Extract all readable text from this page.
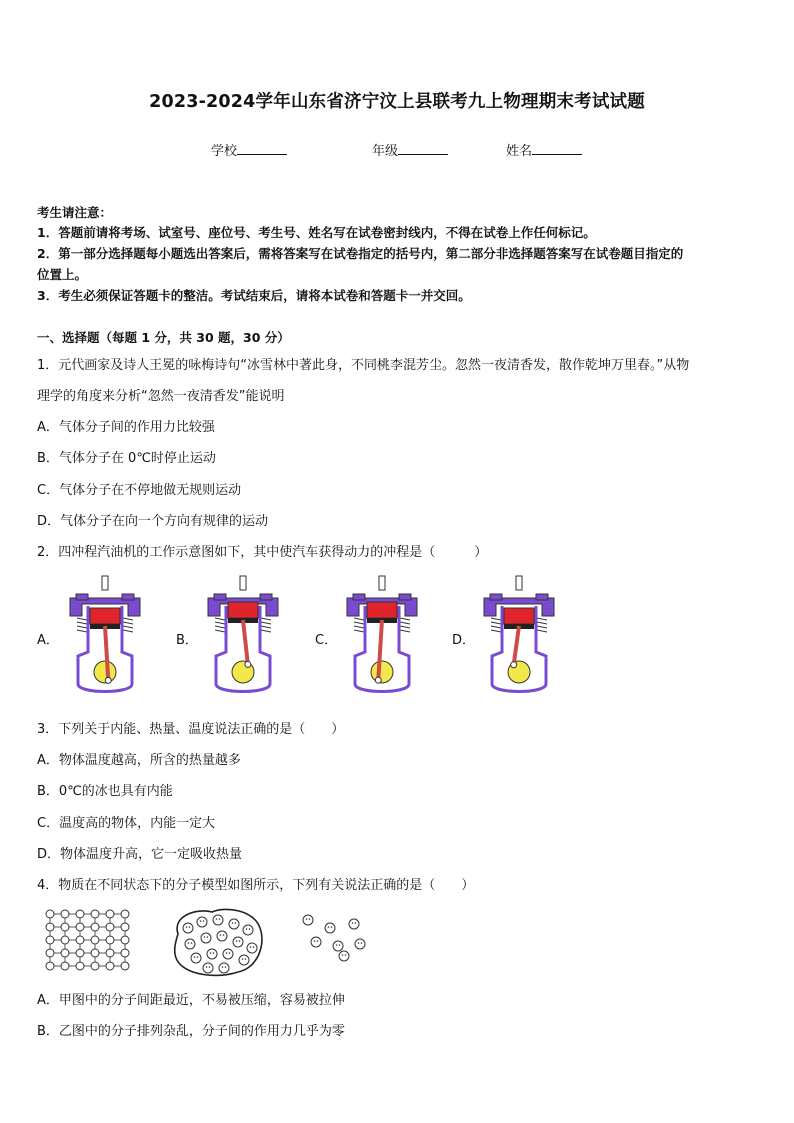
2023-2024学年山东省济宁汶上县联考九上物理期末考试试题
学校	年级	姓名
考生请注意：
1．答题前请将考场、试室号、座位号、考生号、姓名写在试卷密封线内，不得在试卷上作任何标记。
2．第一部分选择题每小题选出答案后，需将答案写在试卷指定的括号内，第二部分非选择题答案写在试卷题目指定的
位置上。
3．考生必须保证答题卡的整洁。考试结束后，请将本试卷和答题卡一并交回。
一、选择题（每题 1 分，共 30 题，30 分）
1．元代画家及诗人王冕的咏梅诗句“冰雪林中著此身，不同桃李混芳尘。忽然一夜清香发，散作乾坤万里春。”从物
理学的角度来分析“忽然一夜清香发”能说明
A．气体分子间的作用力比较强
B．气体分子在 0℃时停止运动
C．气体分子在不停地做无规则运动
D．气体分子在向一个方向有规律的运动
2．四冲程汽油机的工作示意图如下，其中使汽车获得动力的冲程是（　　　）
A．	B．	C．	D．
3．下列关于内能、热量、温度说法正确的是（　　）
A．物体温度越高，所含的热量越多
B．0℃的冰也具有内能
C．温度高的物体，内能一定大
D．物体温度升高，它一定吸收热量
4．物质在不同状态下的分子模型如图所示，下列有关说法正确的是（　　）
A．甲图中的分子间距最近，不易被压缩，容易被拉伸
B．乙图中的分子排列杂乱，分子间的作用力几乎为零
